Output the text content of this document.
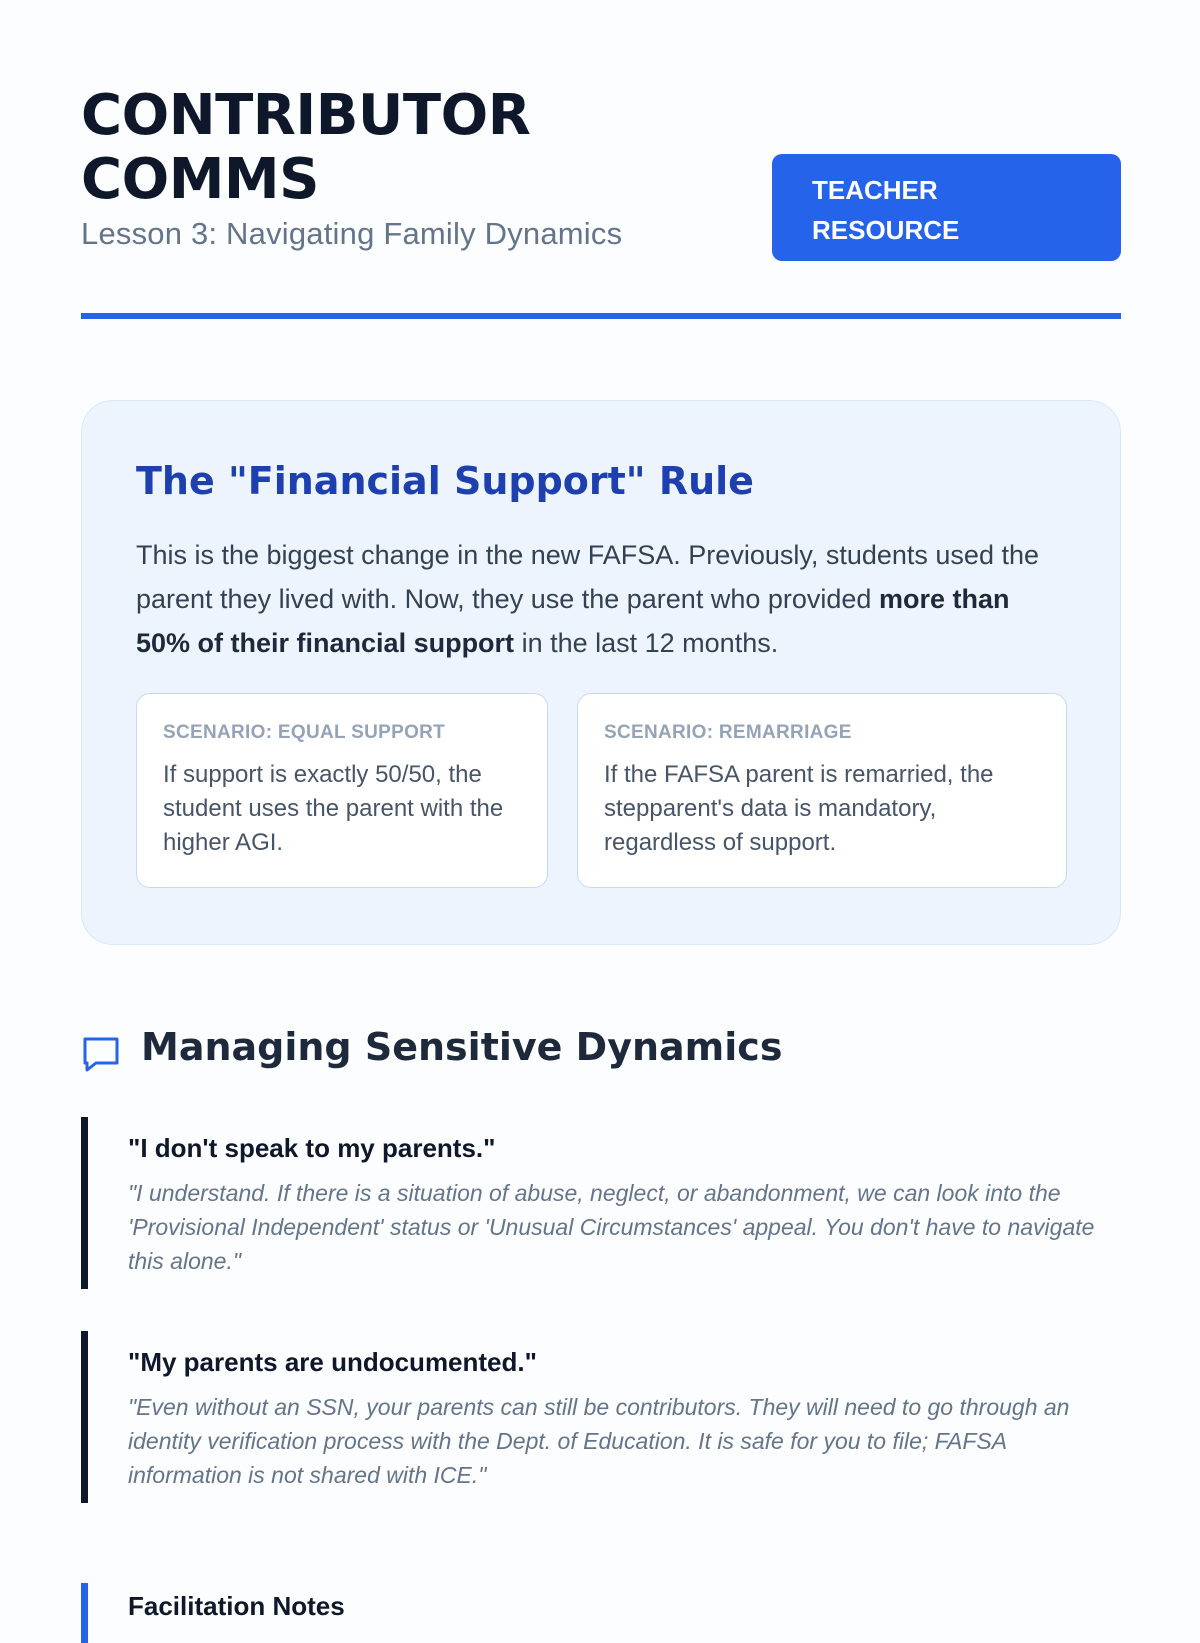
CONTRIBUTOR COMMS
Lesson 3: Navigating Family Dynamics
TEACHER RESOURCE
The "Financial Support" Rule

This is the biggest change in the new FAFSA. Previously, students used the parent they lived with. Now, they use the parent who provided more than 50% of their financial support in the last 12 months.

SCENARIO: EQUAL SUPPORT
If support is exactly 50/50, the student uses the parent with the higher AGI.
SCENARIO: REMARRIAGE
If the FAFSA parent is remarried, the stepparent's data is mandatory, regardless of support.
Managing Sensitive Dynamics
"I don't speak to my parents."
"I understand. If there is a situation of abuse, neglect, or abandonment, we can look into the 'Provisional Independent' status or 'Unusual Circumstances' appeal. You don't have to navigate this alone."
"My parents are undocumented."
"Even without an SSN, your parents can still be contributors. They will need to go through an identity verification process with the Dept. of Education. It is safe for you to file; FAFSA information is not shared with ICE."
Facilitation Notes
